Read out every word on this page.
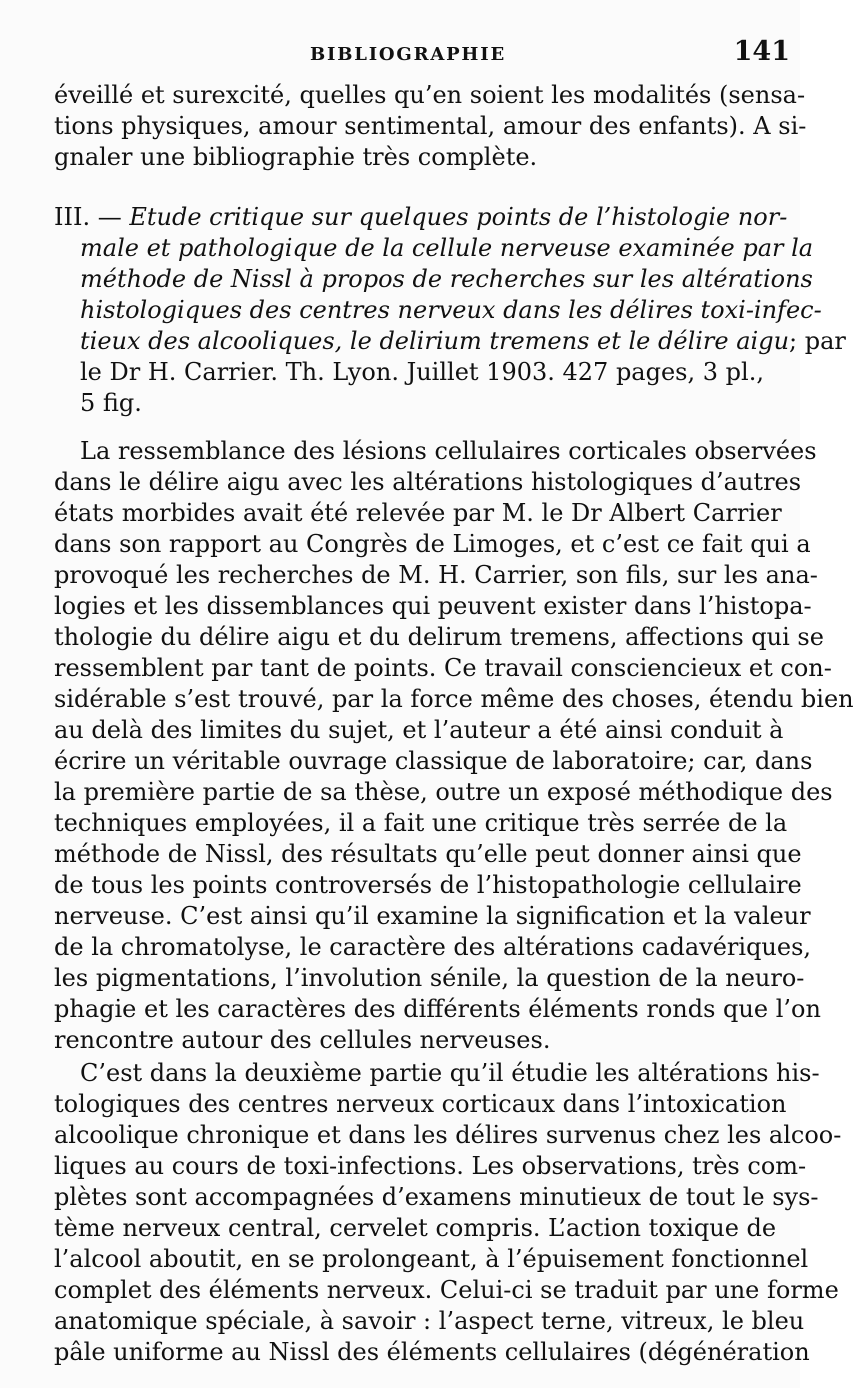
BIBLIOGRAPHIE	141
éveillé et surexcité, quelles qu’en soient les modalités (sensa-
tions physiques, amour sentimental, amour des enfants). A si-
gnaler une bibliographie très complète.
III. — Etude critique sur quelques points de l’histologie nor-
male et pathologique de la cellule nerveuse examinée par la
méthode de Nissl à propos de recherches sur les altérations
histologiques des centres nerveux dans les délires toxi-infec-
tieux des alcooliques, le delirium tremens et le délire aigu; par
le Dr H. Carrier. Th. Lyon. Juillet 1903. 427 pages, 3 pl.,
5 fig.
La ressemblance des lésions cellulaires corticales observées
dans le délire aigu avec les altérations histologiques d’autres
états morbides avait été relevée par M. le Dr Albert Carrier
dans son rapport au Congrès de Limoges, et c’est ce fait qui a
provoqué les recherches de M. H. Carrier, son fils, sur les ana-
logies et les dissemblances qui peuvent exister dans l’histopa-
thologie du délire aigu et du delirum tremens, affections qui se
ressemblent par tant de points. Ce travail consciencieux et con-
sidérable s’est trouvé, par la force même des choses, étendu bien
au delà des limites du sujet, et l’auteur a été ainsi conduit à
écrire un véritable ouvrage classique de laboratoire; car, dans
la première partie de sa thèse, outre un exposé méthodique des
techniques employées, il a fait une critique très serrée de la
méthode de Nissl, des résultats qu’elle peut donner ainsi que
de tous les points controversés de l’histopathologie cellulaire
nerveuse. C’est ainsi qu’il examine la signification et la valeur
de la chromatolyse, le caractère des altérations cadavériques,
les pigmentations, l’involution sénile, la question de la neuro-
phagie et les caractères des différents éléments ronds que l’on
rencontre autour des cellules nerveuses.
C’est dans la deuxième partie qu’il étudie les altérations his-
tologiques des centres nerveux corticaux dans l’intoxication
alcoolique chronique et dans les délires survenus chez les alcoo-
liques au cours de toxi-infections. Les observations, très com-
plètes sont accompagnées d’examens minutieux de tout le sys-
tème nerveux central, cervelet compris. L’action toxique de
l’alcool aboutit, en se prolongeant, à l’épuisement fonctionnel
complet des éléments nerveux. Celui-ci se traduit par une forme
anatomique spéciale, à savoir : l’aspect terne, vitreux, le bleu
pâle uniforme au Nissl des éléments cellulaires (dégénération
